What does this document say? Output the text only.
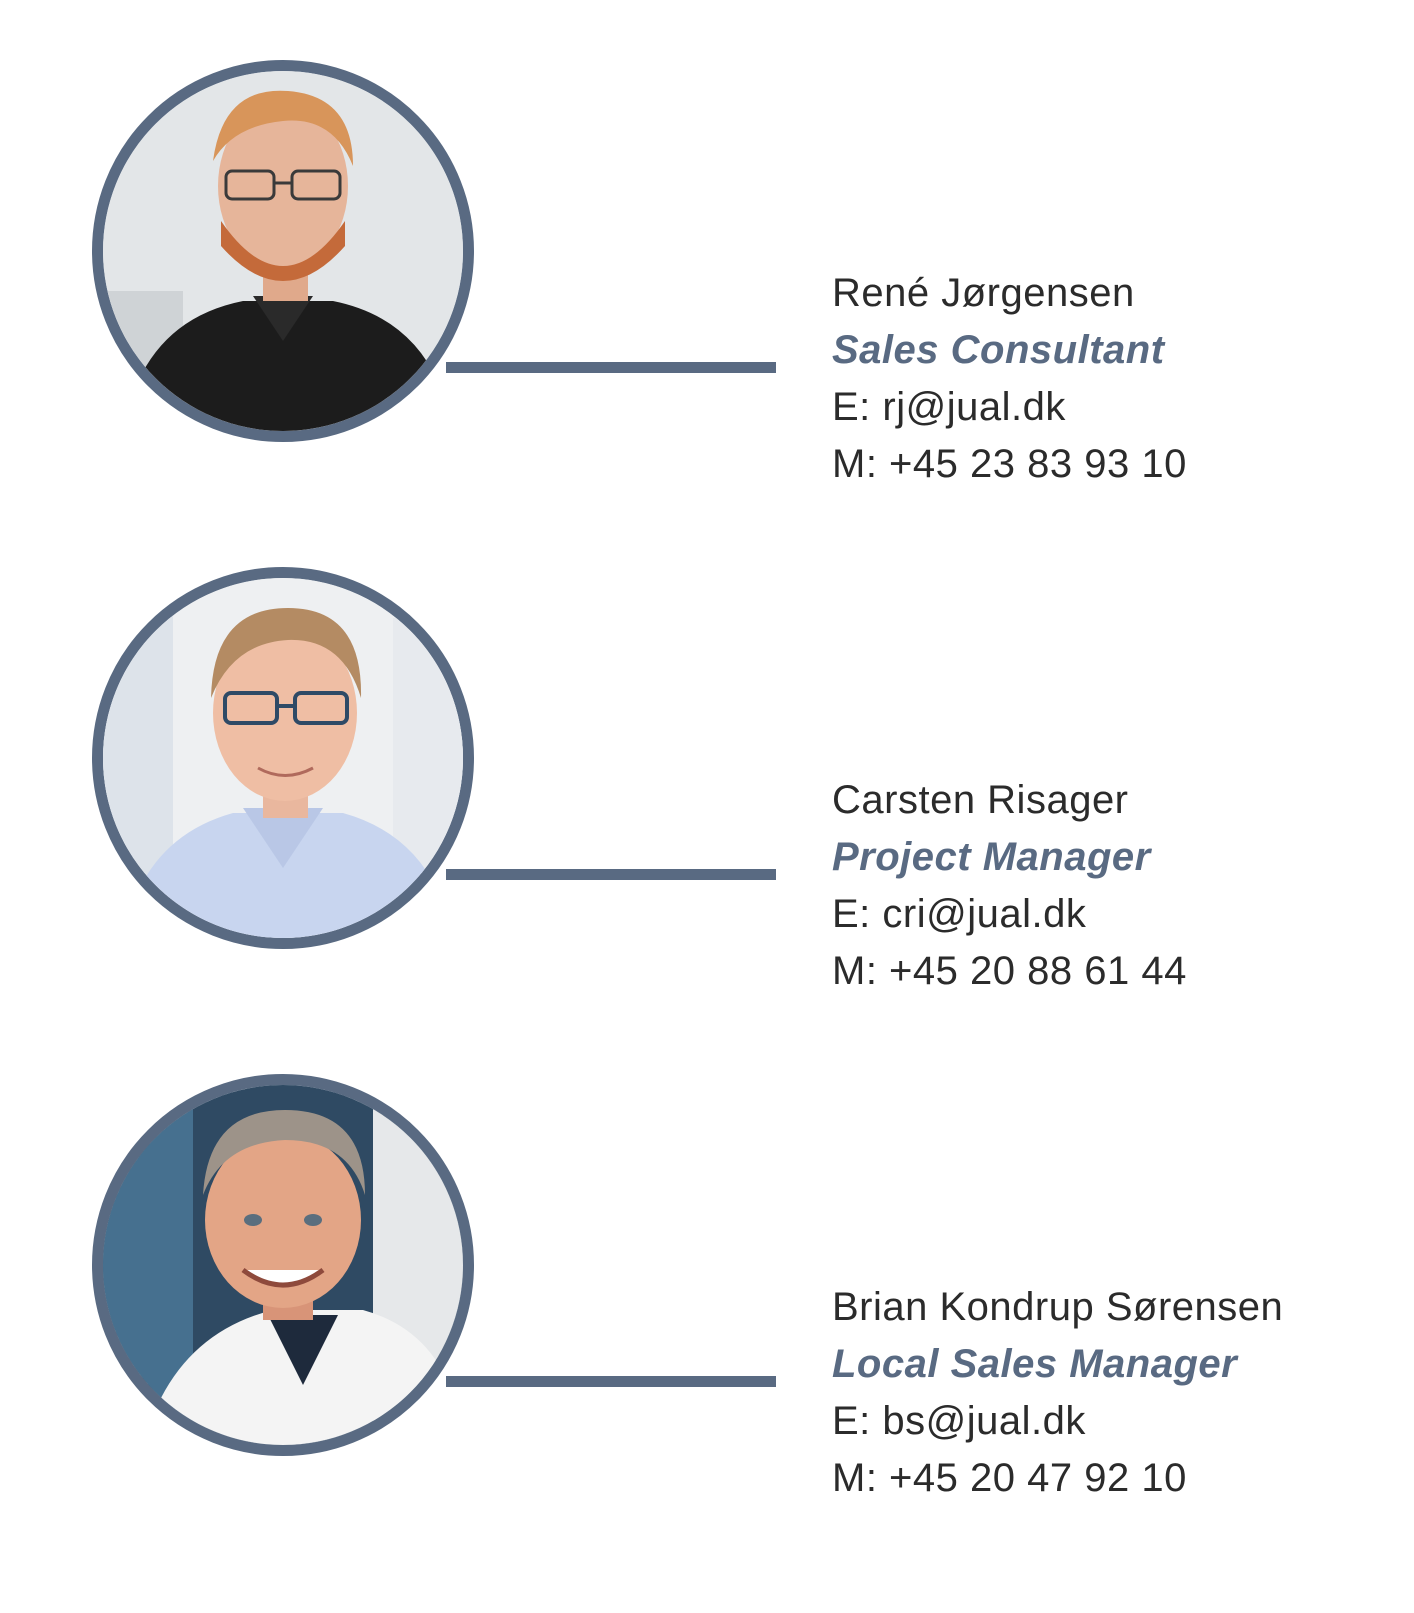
René Jørgensen
Sales Consultant
E: rj@jual.dk
M: +45 23 83 93 10
Carsten Risager
Project Manager
E: cri@jual.dk
M: +45 20 88 61 44
Brian Kondrup Sørensen
Local Sales Manager
E: bs@jual.dk
M: +45 20 47 92 10
